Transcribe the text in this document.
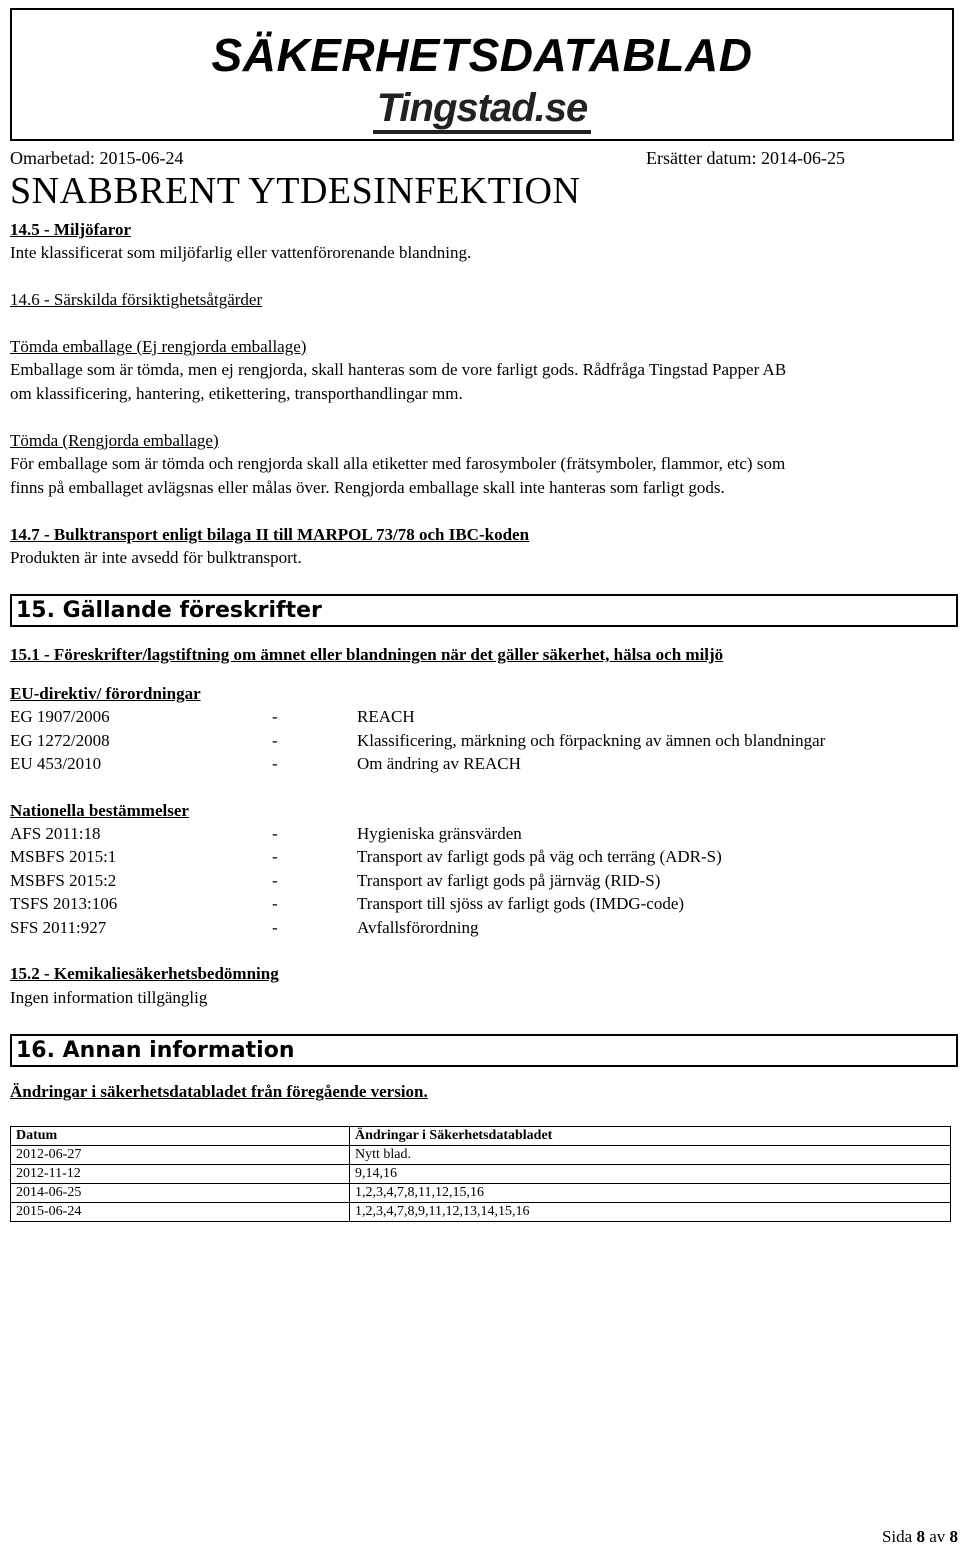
SÄKERHETSDATABLAD
Tingstad.se
Omarbetad: 2015-06-24	Ersätter datum: 2014-06-25
SNABBRENT YTDESINFEKTION
14.5 - Miljöfaror
Inte klassificerat som miljöfarlig eller vattenförorenande blandning.
14.6 - Särskilda försiktighetsåtgärder
Tömda emballage (Ej rengjorda emballage)
Emballage som är tömda, men ej rengjorda, skall hanteras som de vore farligt gods. Rådfråga Tingstad Papper AB
om klassificering, hantering, etikettering, transporthandlingar mm.
Tömda (Rengjorda emballage)
För emballage som är tömda och rengjorda skall alla etiketter med farosymboler (frätsymboler, flammor, etc) som
finns på emballaget avlägsnas eller målas över. Rengjorda emballage skall inte hanteras som farligt gods.
14.7 - Bulktransport enligt bilaga II till MARPOL 73/78 och IBC-koden
Produkten är inte avsedd för bulktransport.
15. Gällande föreskrifter
15.1 - Föreskrifter/lagstiftning om ämnet eller blandningen när det gäller säkerhet, hälsa och miljö
EU-direktiv/ förordningar
EG 1907/2006	-	REACH
EG 1272/2008	-	Klassificering, märkning och förpackning av ämnen och blandningar
EU 453/2010	-	Om ändring av REACH
Nationella bestämmelser
AFS 2011:18	-	Hygieniska gränsvärden
MSBFS 2015:1	-	Transport av farligt gods på väg och terräng (ADR-S)
MSBFS 2015:2	-	Transport av farligt gods på järnväg (RID-S)
TSFS 2013:106	-	Transport till sjöss av farligt gods (IMDG-code)
SFS 2011:927	-	Avfallsförordning
15.2 - Kemikaliesäkerhetsbedömning
Ingen information tillgänglig
16. Annan information
Ändringar i säkerhetsdatabladet från föregående version.
Datum	Ändringar i Säkerhetsdatabladet
2012-06-27	Nytt blad.
2012-11-12	9,14,16
2014-06-25	1,2,3,4,7,8,11,12,15,16
2015-06-24	1,2,3,4,7,8,9,11,12,13,14,15,16
Sida 8 av 8
